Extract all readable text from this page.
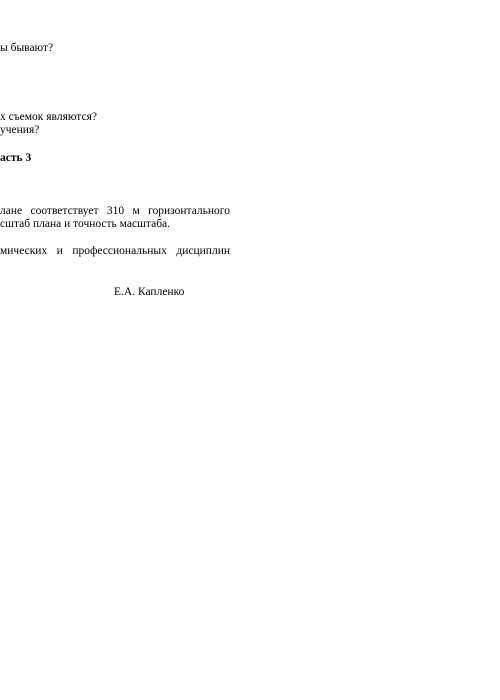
ы бывают?
х съемок являются?
учения?
асть 3
лане соответствует 310 м горизонтального
сштаб плана и точность масштаба.
мических и профессиональных дисциплин
Е.А. Капленко
